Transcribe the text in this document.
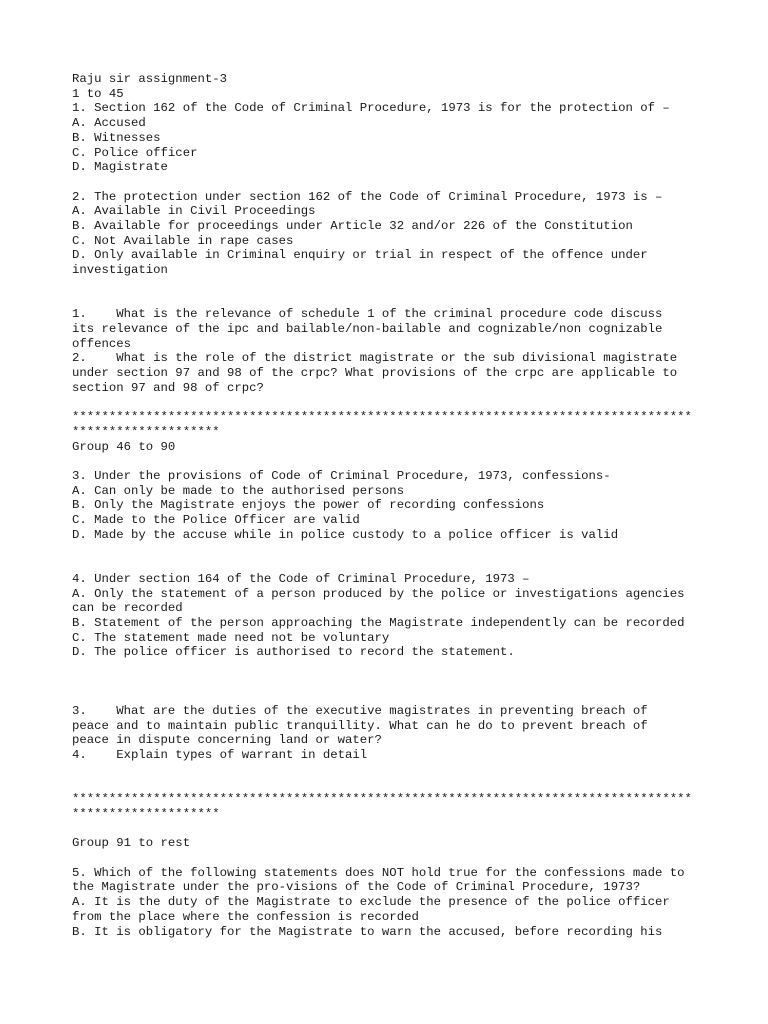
Raju sir assignment-3
1 to 45
1. Section 162 of the Code of Criminal Procedure, 1973 is for the protection of –
A. Accused
B. Witnesses
C. Police officer
D. Magistrate
2. The protection under section 162 of the Code of Criminal Procedure, 1973 is –
A. Available in Civil Proceedings
B. Available for proceedings under Article 32 and/or 226 of the Constitution
C. Not Available in rape cases
D. Only available in Criminal enquiry or trial in respect of the offence under
investigation
1.    What is the relevance of schedule 1 of the criminal procedure code discuss
its relevance of the ipc and bailable/non-bailable and cognizable/non cognizable
offences
2.    What is the role of the district magistrate or the sub divisional magistrate
under section 97 and 98 of the crpc? What provisions of the crpc are applicable to
section 97 and 98 of crpc?
************************************************************************************
********************
Group 46 to 90
3. Under the provisions of Code of Criminal Procedure, 1973, confessions-
A. Can only be made to the authorised persons
B. Only the Magistrate enjoys the power of recording confessions
C. Made to the Police Officer are valid
D. Made by the accuse while in police custody to a police officer is valid
4. Under section 164 of the Code of Criminal Procedure, 1973 –
A. Only the statement of a person produced by the police or investigations agencies
can be recorded
B. Statement of the person approaching the Magistrate independently can be recorded
C. The statement made need not be voluntary
D. The police officer is authorised to record the statement.
3.    What are the duties of the executive magistrates in preventing breach of
peace and to maintain public tranquillity. What can he do to prevent breach of
peace in dispute concerning land or water?
4.    Explain types of warrant in detail
************************************************************************************
********************
Group 91 to rest
5. Which of the following statements does NOT hold true for the confessions made to
the Magistrate under the pro-visions of the Code of Criminal Procedure, 1973?
A. It is the duty of the Magistrate to exclude the presence of the police officer
from the place where the confession is recorded
B. It is obligatory for the Magistrate to warn the accused, before recording his
